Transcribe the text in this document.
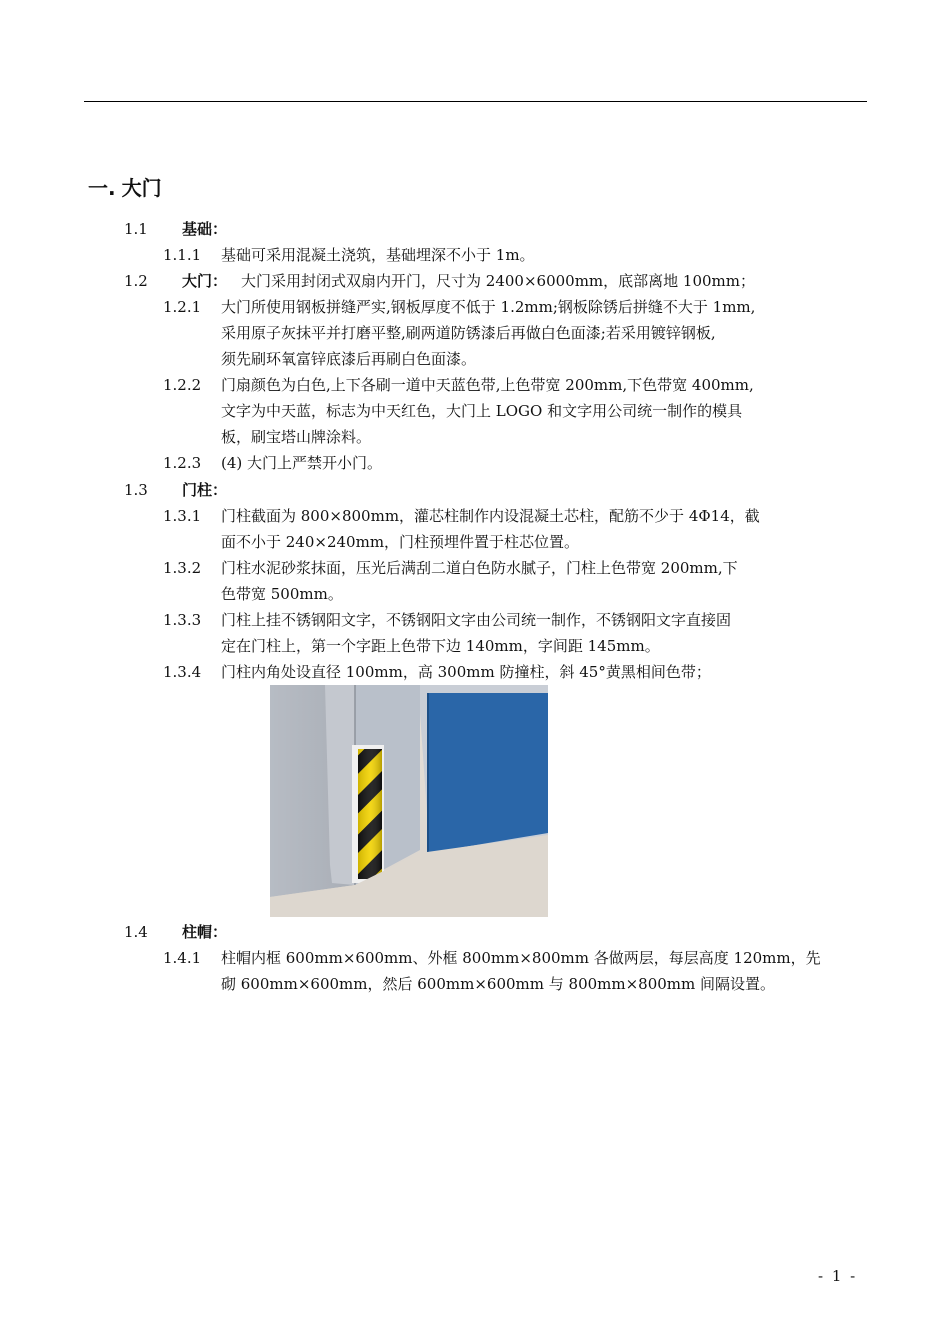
一. 大门
1.1 基础：
1.1.1	基础可采用混凝土浇筑，基础埋深不小于 1m。
1.2 大门： 大门采用封闭式双扇内开门，尺寸为 2400×6000mm，底部离地 100mm；
1.2.1	大门所使用钢板拼缝严实,钢板厚度不低于 1.2mm;钢板除锈后拼缝不大于 1mm,
采用原子灰抹平并打磨平整,刷两道防锈漆后再做白色面漆;若采用镀锌钢板,
须先刷环氧富锌底漆后再刷白色面漆。
1.2.2	门扇颜色为白色,上下各刷一道中天蓝色带,上色带宽 200mm,下色带宽 400mm,
文字为中天蓝，标志为中天红色，大门上 LOGO 和文字用公司统一制作的模具
板，刷宝塔山牌涂料。
1.2.3	(4) 大门上严禁开小门。
1.3 门柱：
1.3.1	门柱截面为 800×800mm，灌芯柱制作内设混凝土芯柱，配筋不少于 4Φ14，截
面不小于 240×240mm，门柱预埋件置于柱芯位置。
1.3.2	门柱水泥砂浆抹面，压光后满刮二道白色防水腻子，门柱上色带宽 200mm,下
色带宽 500mm。
1.3.3	门柱上挂不锈钢阳文字，不锈钢阳文字由公司统一制作，不锈钢阳文字直接固
定在门柱上，第一个字距上色带下边 140mm，字间距 145mm。
1.3.4	门柱内角处设直径 100mm，高 300mm 防撞柱，斜 45°黄黑相间色带；
1.4 柱帽：
1.4.1	柱帽内框 600mm×600mm、外框 800mm×800mm 各做两层，每层高度 120mm，先
砌 600mm×600mm，然后 600mm×600mm 与 800mm×800mm 间隔设置。
- 1 -
